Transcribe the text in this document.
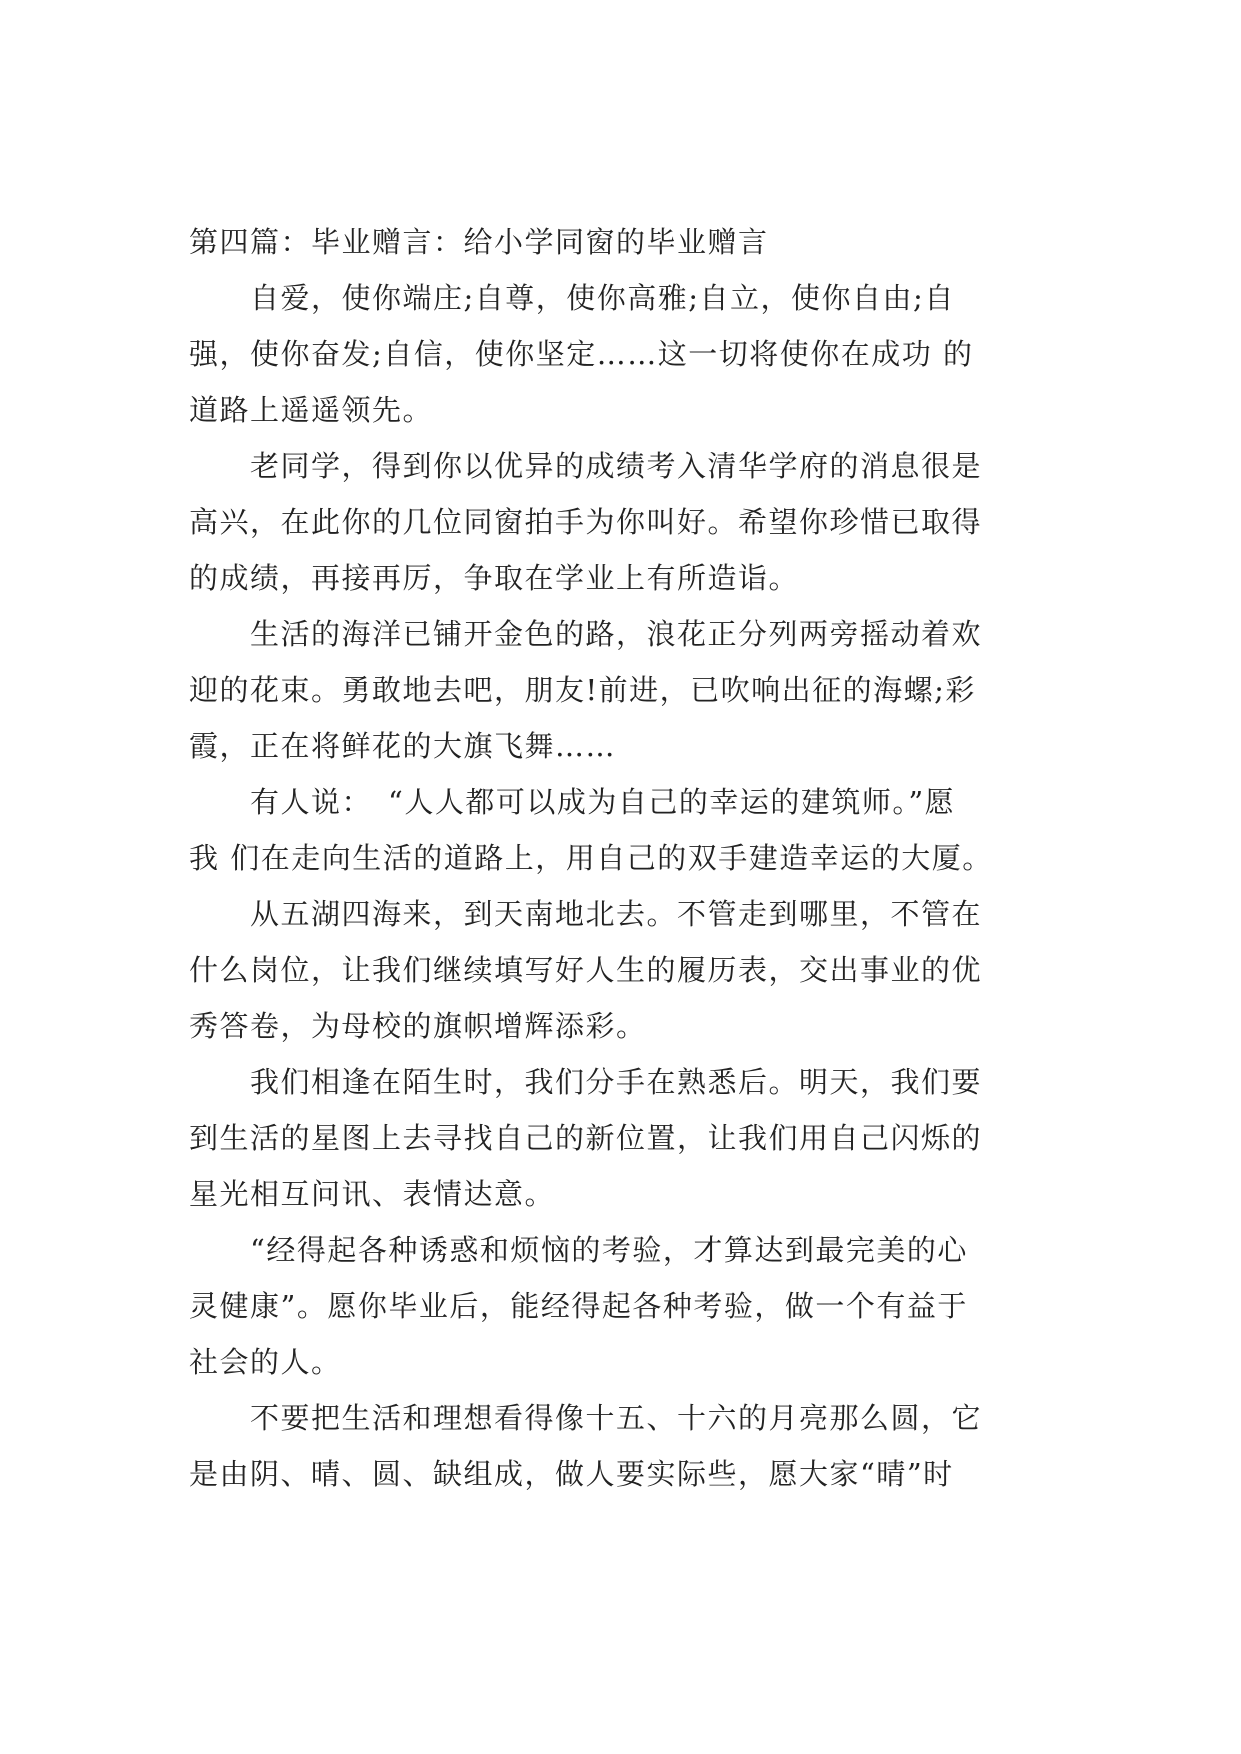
第四篇：毕业赠言：给小学同窗的毕业赠言
　　自爱，使你端庄;自尊，使你高雅;自立，使你自由;自
强，使你奋发;自信，使你坚定……这一切将使你在成功 的
道路上遥遥领先。
　　老同学，得到你以优异的成绩考入清华学府的消息很是
高兴，在此你的几位同窗拍手为你叫好。希望你珍惜已取得
的成绩，再接再厉，争取在学业上有所造诣。
　　生活的海洋已铺开金色的路，浪花正分列两旁摇动着欢
迎的花束。勇敢地去吧，朋友!前进，已吹响出征的海螺;彩
霞，正在将鲜花的大旗飞舞……
　　有人说：　“人人都可以成为自己的幸运的建筑师。”愿
我 们在走向生活的道路上，用自己的双手建造幸运的大厦。
　　从五湖四海来，到天南地北去。不管走到哪里，不管在
什么岗位，让我们继续填写好人生的履历表，交出事业的优
秀答卷，为母校的旗帜增辉添彩。
　　我们相逢在陌生时，我们分手在熟悉后。明天，我们要
到生活的星图上去寻找自己的新位置，让我们用自己闪烁的
星光相互问讯、表情达意。
　　“经得起各种诱惑和烦恼的考验，才算达到最完美的心
灵健康”。愿你毕业后，能经得起各种考验，做一个有益于
社会的人。
　　不要把生活和理想看得像十五、十六的月亮那么圆，它
是由阴、晴、圆、缺组成，做人要实际些，愿大家“晴”时
